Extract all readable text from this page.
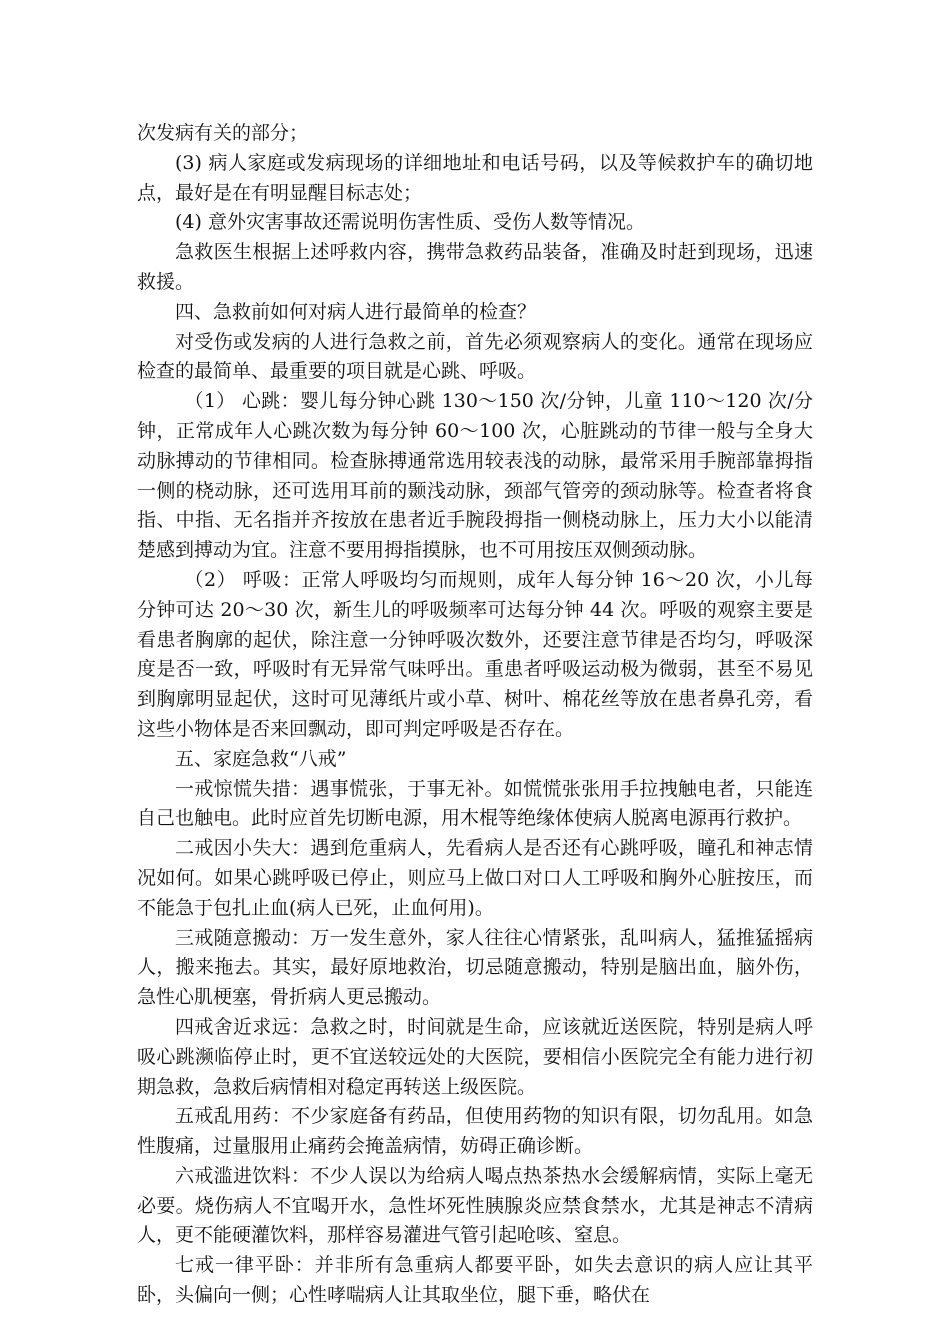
次发病有关的部分；

(3) 病人家庭或发病现场的详细地址和电话号码，以及等候救护车的确切地点，最好是在有明显醒目标志处；

(4) 意外灾害事故还需说明伤害性质、受伤人数等情况。

急救医生根据上述呼救内容，携带急救药品装备，准确及时赶到现场，迅速救援。

四、急救前如何对病人进行最简单的检查？

对受伤或发病的人进行急救之前，首先必须观察病人的变化。通常在现场应检查的最简单、最重要的项目就是心跳、呼吸。

（1） 心跳：婴儿每分钟心跳 130～150 次/分钟，儿童 110～120 次/分钟，正常成年人心跳次数为每分钟 60～100 次，心脏跳动的节律一般与全身大动脉搏动的节律相同。检查脉搏通常选用较表浅的动脉，最常采用手腕部靠拇指一侧的桡动脉，还可选用耳前的颞浅动脉，颈部气管旁的颈动脉等。检查者将食指、中指、无名指并齐按放在患者近手腕段拇指一侧桡动脉上，压力大小以能清楚感到搏动为宜。注意不要用拇指摸脉，也不可用按压双侧颈动脉。

（2） 呼吸：正常人呼吸均匀而规则，成年人每分钟 16～20 次，小儿每分钟可达 20～30 次，新生儿的呼吸频率可达每分钟 44 次。呼吸的观察主要是看患者胸廓的起伏，除注意一分钟呼吸次数外，还要注意节律是否均匀，呼吸深度是否一致，呼吸时有无异常气味呼出。重患者呼吸运动极为微弱，甚至不易见到胸廓明显起伏，这时可见薄纸片或小草、树叶、棉花丝等放在患者鼻孔旁，看这些小物体是否来回飘动，即可判定呼吸是否存在。

五、家庭急救“八戒”

一戒惊慌失措：遇事慌张，于事无补。如慌慌张张用手拉拽触电者，只能连自己也触电。此时应首先切断电源，用木棍等绝缘体使病人脱离电源再行救护。

二戒因小失大：遇到危重病人，先看病人是否还有心跳呼吸，瞳孔和神志情况如何。如果心跳呼吸已停止，则应马上做口对口人工呼吸和胸外心脏按压，而不能急于包扎止血(病人已死，止血何用)。

三戒随意搬动：万一发生意外，家人往往心情紧张，乱叫病人，猛推猛摇病人，搬来拖去。其实，最好原地救治，切忌随意搬动，特别是脑出血，脑外伤，急性心肌梗塞，骨折病人更忌搬动。

四戒舍近求远：急救之时，时间就是生命，应该就近送医院，特别是病人呼吸心跳濒临停止时，更不宜送较远处的大医院，要相信小医院完全有能力进行初期急救，急救后病情相对稳定再转送上级医院。

五戒乱用药：不少家庭备有药品，但使用药物的知识有限，切勿乱用。如急性腹痛，过量服用止痛药会掩盖病情，妨碍正确诊断。

六戒滥进饮料：不少人误以为给病人喝点热茶热水会缓解病情，实际上毫无必要。烧伤病人不宜喝开水，急性坏死性胰腺炎应禁食禁水，尤其是神志不清病人，更不能硬灌饮料，那样容易灌进气管引起呛咳、窒息。

七戒一律平卧：并非所有急重病人都要平卧，如失去意识的病人应让其平卧，头偏向一侧；心性哮喘病人让其取坐位，腿下垂，略伏在
